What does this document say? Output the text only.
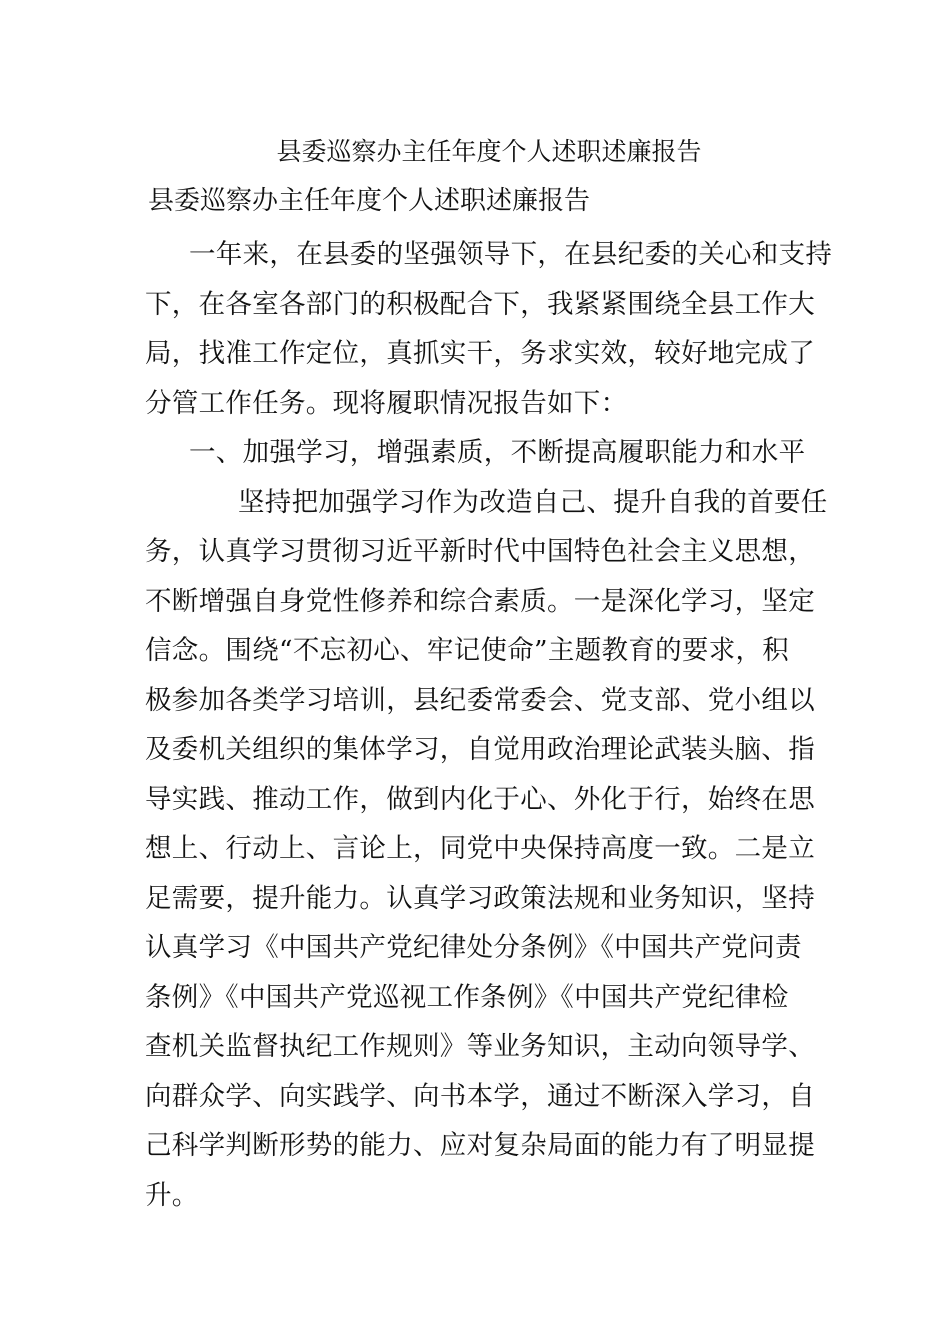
县委巡察办主任年度个人述职述廉报告
县委巡察办主任年度个人述职述廉报告
一年来，在县委的坚强领导下，在县纪委的关心和支持
下，在各室各部门的积极配合下，我紧紧围绕全县工作大
局，找准工作定位，真抓实干，务求实效，较好地完成了
分管工作任务。现将履职情况报告如下：
一、加强学习，增强素质，不断提高履职能力和水平
坚持把加强学习作为改造自己、提升自我的首要任
务，认真学习贯彻习近平新时代中国特色社会主义思想，
不断增强自身党性修养和综合素质。一是深化学习，坚定
信念。围绕“不忘初心、牢记使命”主题教育的要求，积
极参加各类学习培训，县纪委常委会、党支部、党小组以
及委机关组织的集体学习，自觉用政治理论武装头脑、指
导实践、推动工作，做到内化于心、外化于行，始终在思
想上、行动上、言论上，同党中央保持高度一致。二是立
足需要，提升能力。认真学习政策法规和业务知识，坚持
认真学习《中国共产党纪律处分条例》《中国共产党问责
条例》《中国共产党巡视工作条例》《中国共产党纪律检
查机关监督执纪工作规则》等业务知识，主动向领导学、
向群众学、向实践学、向书本学，通过不断深入学习，自
己科学判断形势的能力、应对复杂局面的能力有了明显提
升。
